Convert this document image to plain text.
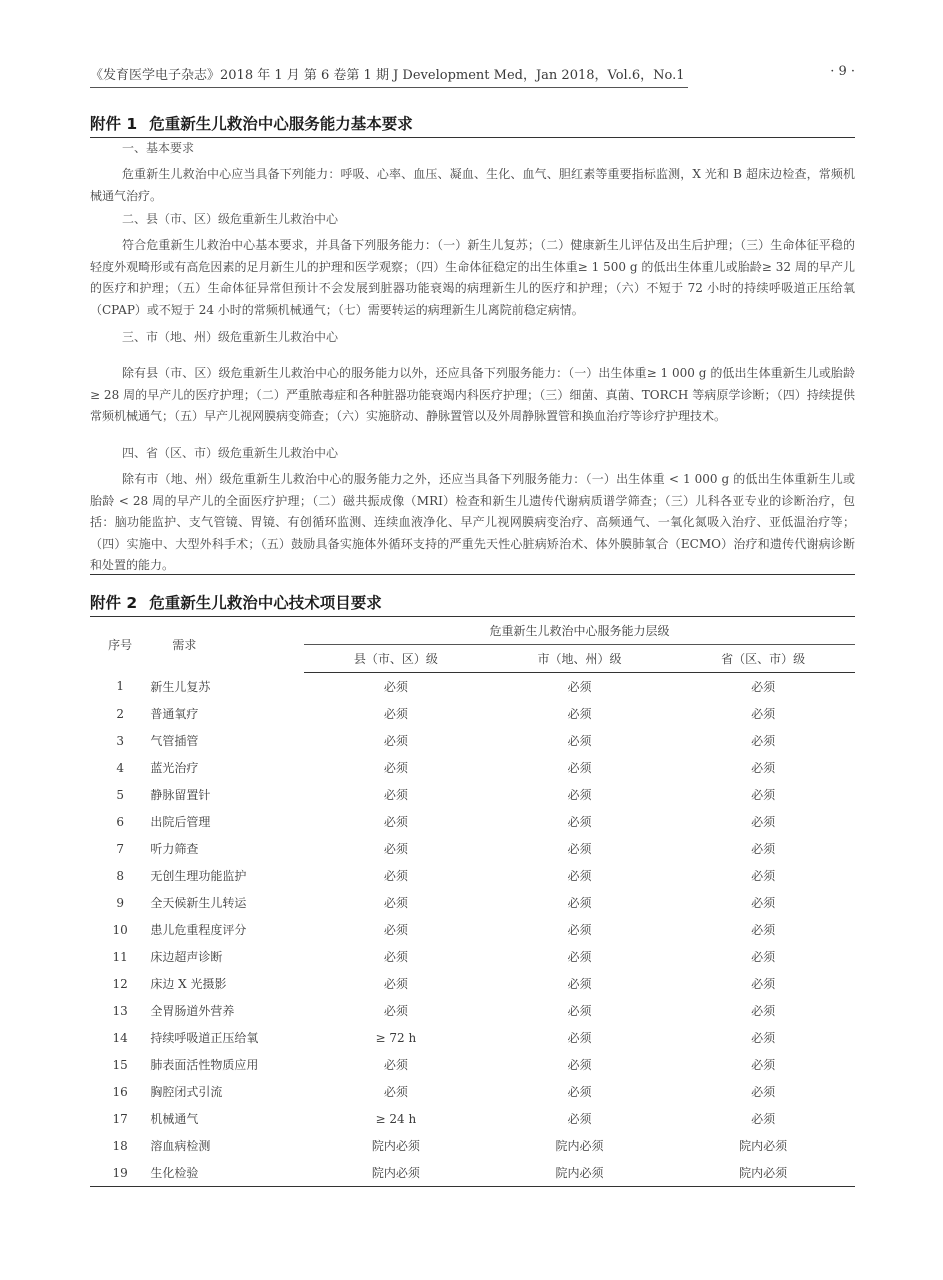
《发育医学电子杂志》2018 年 1 月 第 6 卷第 1 期 J Development Med，Jan 2018，Vol.6，No.1	· 9 ·
附件 1 危重新生儿救治中心服务能力基本要求
一、基本要求

危重新生儿救治中心应当具备下列能力：呼吸、心率、血压、凝血、生化、血气、胆红素等重要指标监测，X 光和 B 超床边检查，常频机械通气治疗。

二、县（市、区）级危重新生儿救治中心

符合危重新生儿救治中心基本要求，并具备下列服务能力：（一）新生儿复苏；（二）健康新生儿评估及出生后护理；（三）生命体征平稳的轻度外观畸形或有高危因素的足月新生儿的护理和医学观察；（四）生命体征稳定的出生体重≥ 1 500 g 的低出生体重儿或胎龄≥ 32 周的早产儿的医疗和护理；（五）生命体征异常但预计不会发展到脏器功能衰竭的病理新生儿的医疗和护理；（六）不短于 72 小时的持续呼吸道正压给氧（CPAP）或不短于 24 小时的常频机械通气；（七）需要转运的病理新生儿离院前稳定病情。

三、市（地、州）级危重新生儿救治中心

除有县（市、区）级危重新生儿救治中心的服务能力以外，还应具备下列服务能力：（一）出生体重≥ 1 000 g 的低出生体重新生儿或胎龄≥ 28 周的早产儿的医疗护理；（二）严重脓毒症和各种脏器功能衰竭内科医疗护理；（三）细菌、真菌、TORCH 等病原学诊断；（四）持续提供常频机械通气；（五）早产儿视网膜病变筛查；（六）实施脐动、静脉置管以及外周静脉置管和换血治疗等诊疗护理技术。

四、省（区、市）级危重新生儿救治中心

除有市（地、州）级危重新生儿救治中心的服务能力之外，还应当具备下列服务能力：（一）出生体重 < 1 000 g 的低出生体重新生儿或胎龄 < 28 周的早产儿的全面医疗护理；（二）磁共振成像（MRI）检查和新生儿遗传代谢病质谱学筛查；（三）儿科各亚专业的诊断治疗，包括：脑功能监护、支气管镜、胃镜、有创循环监测、连续血液净化、早产儿视网膜病变治疗、高频通气、一氧化氮吸入治疗、亚低温治疗等；（四）实施中、大型外科手术；（五）鼓励具备实施体外循环支持的严重先天性心脏病矫治术、体外膜肺氧合（ECMO）治疗和遗传代谢病诊断和处置的能力。

附件 2 危重新生儿救治中心技术项目要求
序号	需求	危重新生儿救治中心服务能力层级		
		县（市、区）级	市（地、州）级	省（区、市）级
1	新生儿复苏	必须	必须	必须
2	普通氧疗	必须	必须	必须
3	气管插管	必须	必须	必须
4	蓝光治疗	必须	必须	必须
5	静脉留置针	必须	必须	必须
6	出院后管理	必须	必须	必须
7	听力筛查	必须	必须	必须
8	无创生理功能监护	必须	必须	必须
9	全天候新生儿转运	必须	必须	必须
10	患儿危重程度评分	必须	必须	必须
11	床边超声诊断	必须	必须	必须
12	床边 X 光摄影	必须	必须	必须
13	全胃肠道外营养	必须	必须	必须
14	持续呼吸道正压给氧	≥ 72 h	必须	必须
15	肺表面活性物质应用	必须	必须	必须
16	胸腔闭式引流	必须	必须	必须
17	机械通气	≥ 24 h	必须	必须
18	溶血病检测	院内必须	院内必须	院内必须
19	生化检验	院内必须	院内必须	院内必须
